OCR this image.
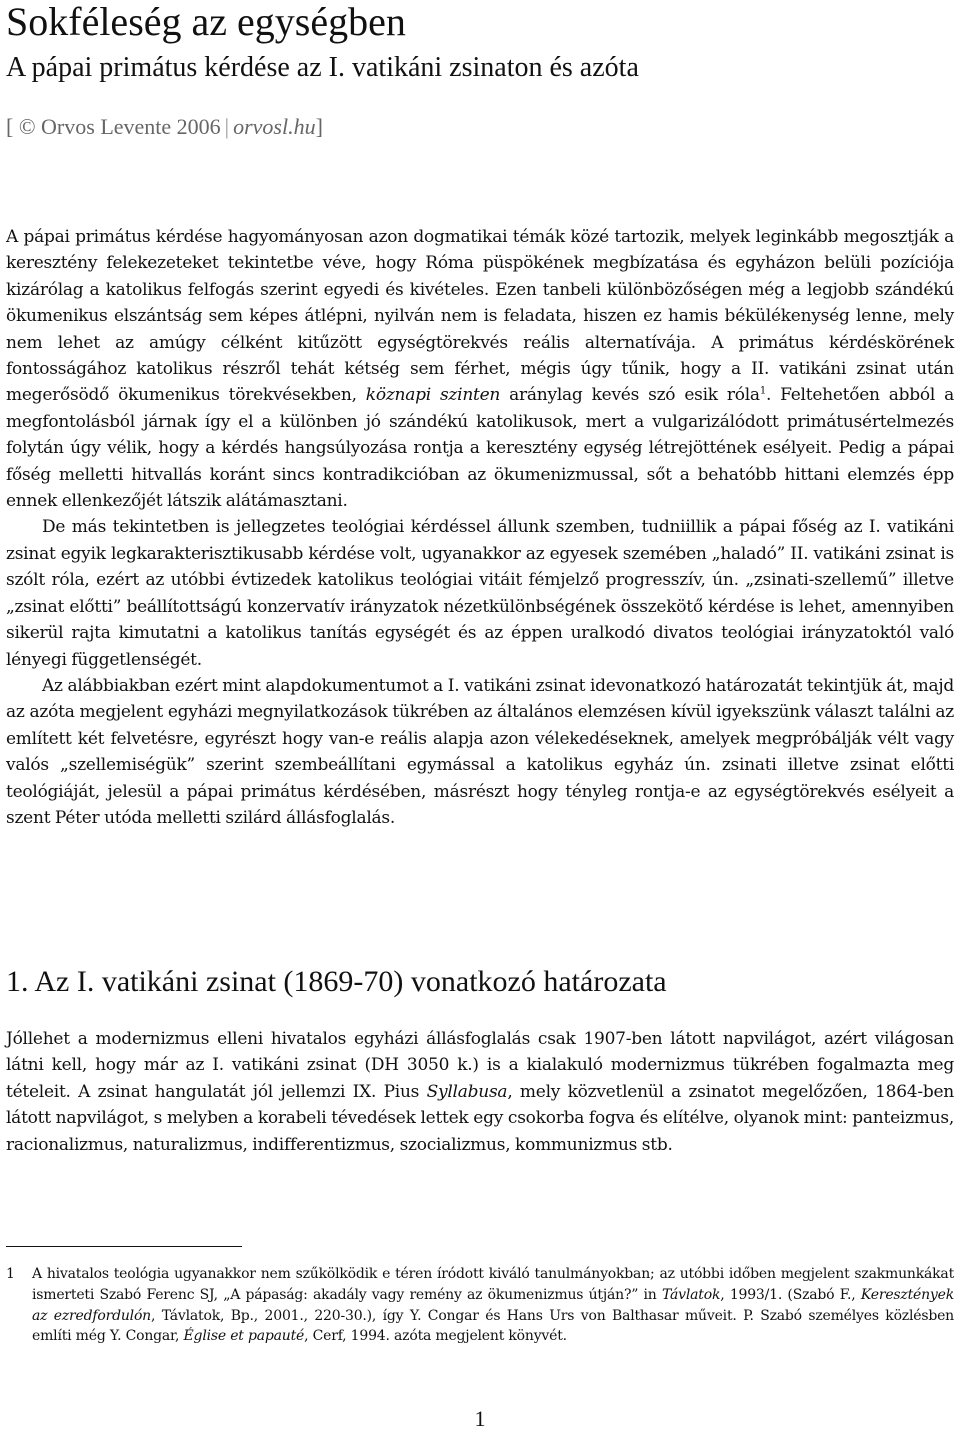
Sokféleség az egységben
A pápai primátus kérdése az I. vatikáni zsinaton és azóta
[ © Orvos Levente 2006 | orvosl.hu]

A pápai primátus kérdése hagyományosan azon dogmatikai témák közé tartozik, melyek leginkább megosztják a keresztény felekezeteket tekintetbe véve, hogy Róma püspökének megbízatása és egyházon belüli pozíciója kizárólag a katolikus felfogás szerint egyedi és kivételes. Ezen tanbeli különbözőségen még a legjobb szándékú ökumenikus elszántság sem képes átlépni, nyilván nem is feladata, hiszen ez hamis békülékenység lenne, mely nem lehet az amúgy célként kitűzött egységtörekvés reális alternatívája. A primátus kérdéskörének fontosságához katolikus részről tehát kétség sem férhet, mégis úgy tűnik, hogy a II. vatikáni zsinat után megerősödő ökumenikus törekvésekben, köznapi szinten aránylag kevés szó esik róla$^1$. Feltehetően abból a megfontolásból járnak így el a különben jó szándékú katolikusok, mert a vulgarizálódott primátusértelmezés folytán úgy vélik, hogy a kérdés hangsúlyozása rontja a keresztény egység létrejöttének esélyeit. Pedig a pápai főség melletti hitvallás koránt sincs kontradikcióban az ökumenizmussal, sőt a behatóbb hittani elemzés épp ennek ellenkezőjét látszik alátámasztani.

De más tekintetben is jellegzetes teológiai kérdéssel állunk szemben, tudniillik a pápai főség az I. vatikáni zsinat egyik legkarakterisztikusabb kérdése volt, ugyanakkor az egyesek szemében „haladó” II. vatikáni zsinat is szólt róla, ezért az utóbbi évtizedek katolikus teológiai vitáit fémjelző progresszív, ún. „zsinati-szellemű” illetve „zsinat előtti” beállítottságú konzervatív irányzatok nézetkülönbségének összekötő kérdése is lehet, amennyiben sikerül rajta kimutatni a katolikus tanítás egységét és az éppen uralkodó divatos teológiai irányzatoktól való lényegi függetlenségét.

Az alábbiakban ezért mint alapdokumentumot a I. vatikáni zsinat idevonatkozó határozatát tekintjük át, majd az azóta megjelent egyházi megnyilatkozások tükrében az általános elemzésen kívül igyekszünk választ találni az említett két felvetésre, egyrészt hogy van-e reális alapja azon vélekedéseknek, amelyek megpróbálják vélt vagy valós „szellemiségük” szerint szembeállítani egymással a katolikus egyház ún. zsinati illetve zsinat előtti teológiáját, jelesül a pápai primátus kérdésében, másrészt hogy tényleg rontja-e az egységtörekvés esélyeit a szent Péter utóda melletti szilárd állásfoglalás.

1. Az I. vatikáni zsinat (1869-70) vonatkozó határozata

Jóllehet a modernizmus elleni hivatalos egyházi állásfoglalás csak 1907-ben látott napvilágot, azért világosan látni kell, hogy már az I. vatikáni zsinat (DH 3050 k.) is a kialakuló modernizmus tükrében fogalmazta meg tételeit. A zsinat hangulatát jól jellemzi IX. Pius Syllabusa, mely közvetlenül a zsinatot megelőzően, 1864-ben látott napvilágot, s melyben a korabeli tévedések lettek egy csokorba fogva és elítélve, olyanok mint: panteizmus, racionalizmus, naturalizmus, indifferentizmus, szocializmus, kommunizmus stb.

1	A hivatalos teológia ugyanakkor nem szűkölködik e téren íródott kiváló tanulmányokban; az utóbbi időben megjelent szakmunkákat ismerteti Szabó Ferenc SJ, „A pápaság: akadály vagy remény az ökumenizmus útján?” in Távlatok, 1993/1. (Szabó F., Keresztények az ezredfordulón, Távlatok, Bp., 2001., 220-30.), így Y. Congar és Hans Urs von Balthasar műveit. P. Szabó személyes közlésben említi még Y. Congar, Église et papauté, Cerf, 1994. azóta megjelent könyvét.
1
